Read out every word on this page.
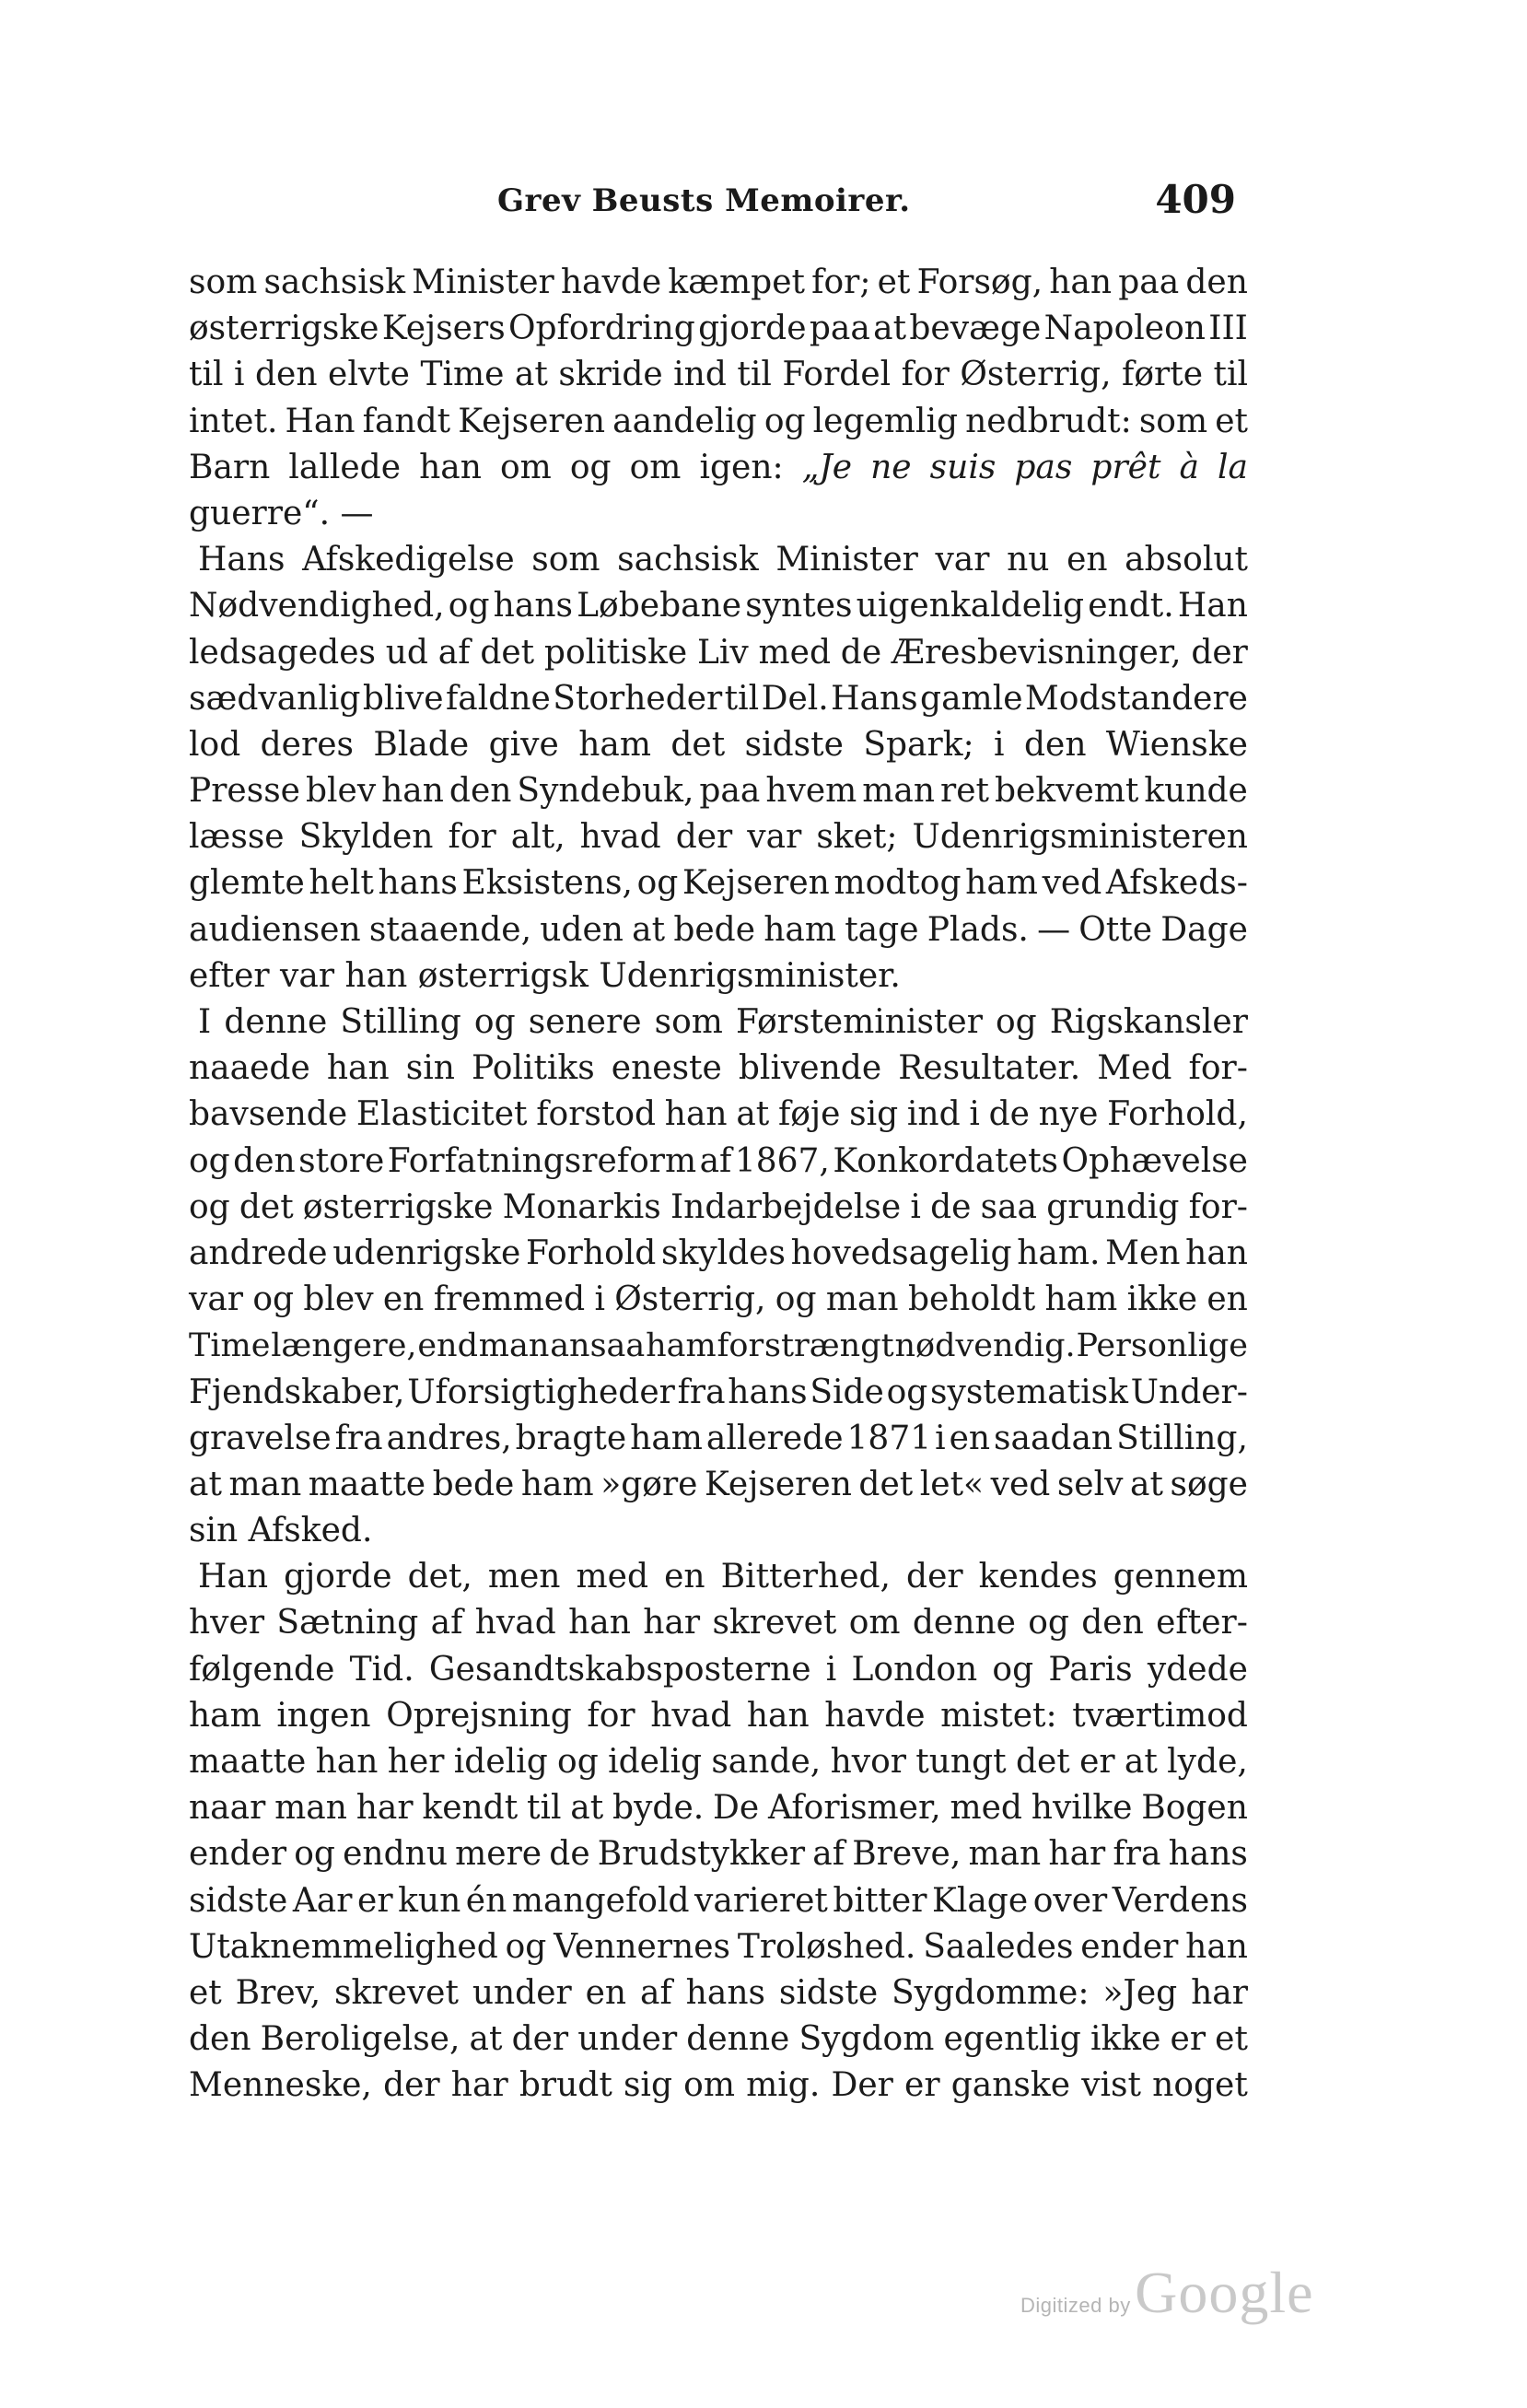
Grev Beusts Memoirer.	409
som sachsisk Minister havde kæmpet for; et Forsøg, han paa den
østerrigske Kejsers Opfordring gjorde paa at bevæge Napoleon III
til i den elvte Time at skride ind til Fordel for Østerrig, førte til
intet. Han fandt Kejseren aandelig og legemlig nedbrudt: som et
Barn lallede han om og om igen: „Je ne suis pas prêt à la
guerre“. —
Hans Afskedigelse som sachsisk Minister var nu en absolut
Nødvendighed, og hans Løbebane syntes uigenkaldelig endt. Han
ledsagedes ud af det politiske Liv med de Æresbevisninger, der
sædvanlig blive faldne Storheder til Del. Hans gamle Modstandere
lod deres Blade give ham det sidste Spark; i den Wienske
Presse blev han den Syndebuk, paa hvem man ret bekvemt kunde
læsse Skylden for alt, hvad der var sket; Udenrigsministeren
glemte helt hans Eksistens, og Kejseren modtog ham ved Afskeds-
audiensen staaende, uden at bede ham tage Plads. — Otte Dage
efter var han østerrigsk Udenrigsminister.
I denne Stilling og senere som Førsteminister og Rigskansler
naaede han sin Politiks eneste blivende Resultater. Med for-
bavsende Elasticitet forstod han at føje sig ind i de nye Forhold,
og den store Forfatningsreform af 1867, Konkordatets Ophævelse
og det østerrigske Monarkis Indarbejdelse i de saa grundig for-
andrede udenrigske Forhold skyldes hovedsagelig ham. Men han
var og blev en fremmed i Østerrig, og man beholdt ham ikke en
Time længere, end man ansaa ham for strængt nødvendig. Personlige
Fjendskaber, Uforsigtigheder fra hans Side og systematisk Under-
gravelse fra andres, bragte ham allerede 1871 i en saadan Stilling,
at man maatte bede ham »gøre Kejseren det let« ved selv at søge
sin Afsked.
Han gjorde det, men med en Bitterhed, der kendes gennem
hver Sætning af hvad han har skrevet om denne og den efter-
følgende Tid. Gesandtskabsposterne i London og Paris ydede
ham ingen Oprejsning for hvad han havde mistet: tværtimod
maatte han her idelig og idelig sande, hvor tungt det er at lyde,
naar man har kendt til at byde. De Aforismer, med hvilke Bogen
ender og endnu mere de Brudstykker af Breve, man har fra hans
sidste Aar er kun én mangefold varieret bitter Klage over Verdens
Utaknemmelighed og Vennernes Troløshed. Saaledes ender han
et Brev, skrevet under en af hans sidste Sygdomme: »Jeg har
den Beroligelse, at der under denne Sygdom egentlig ikke er et
Menneske, der har brudt sig om mig. Der er ganske vist noget
Digitized by Google
